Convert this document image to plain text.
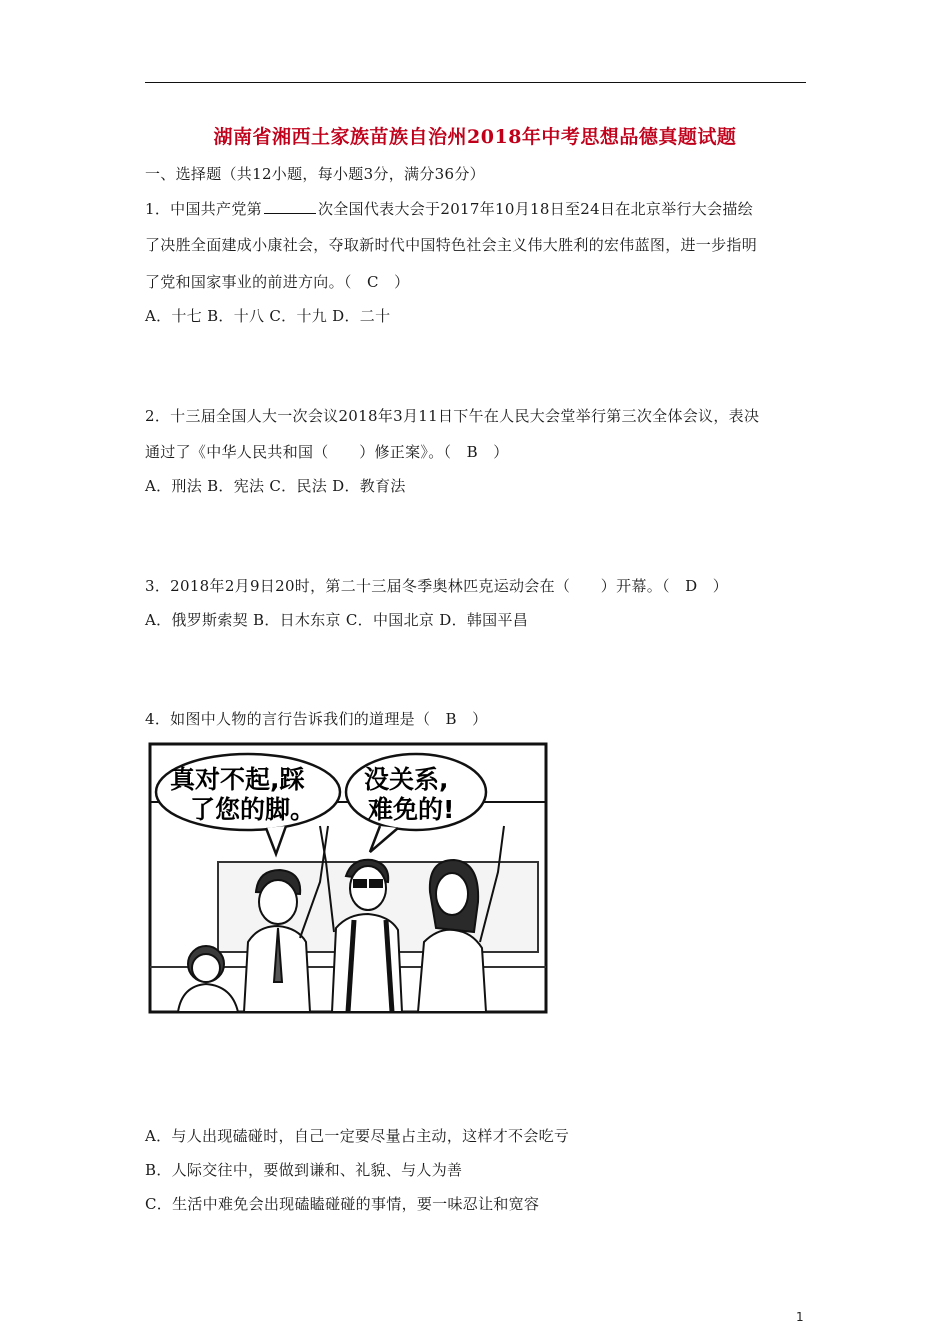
湖南省湘西土家族苗族自治州2018年中考思想品德真题试题
一、选择题（共12小题，每小题3分，满分36分）
1．中国共产党第	次全国代表大会于2017年10月18日至24日在北京举行大会描绘
了决胜全面建成小康社会，夺取新时代中国特色社会主义伟大胜利的宏伟蓝图，进一步指明
了党和国家事业的前进方向。（　C　）
A．十七 B．十八 C．十九 D．二十
2．十三届全国人大一次会议2018年3月11日下午在人民大会堂举行第三次全体会议，表决
通过了《中华人民共和国（　　）修正案》。（　B　）
A．刑法 B．宪法 C．民法 D．教育法
3．2018年2月9日20时，第二十三届冬季奥林匹克运动会在（　　）开幕。（　D　）
A．俄罗斯索契 B．日木东京 C．中国北京 D．韩国平昌
4．如图中人物的言行告诉我们的道理是（　B　）
真对不起,踩
了您的脚。
没关系,
难免的!
A．与人出现磕碰时，自己一定要尽量占主动，这样才不会吃亏
B．人际交往中，要做到谦和、礼貌、与人为善
C．生活中难免会出现磕瞌碰碰的事情，要一味忍让和宽容
1
